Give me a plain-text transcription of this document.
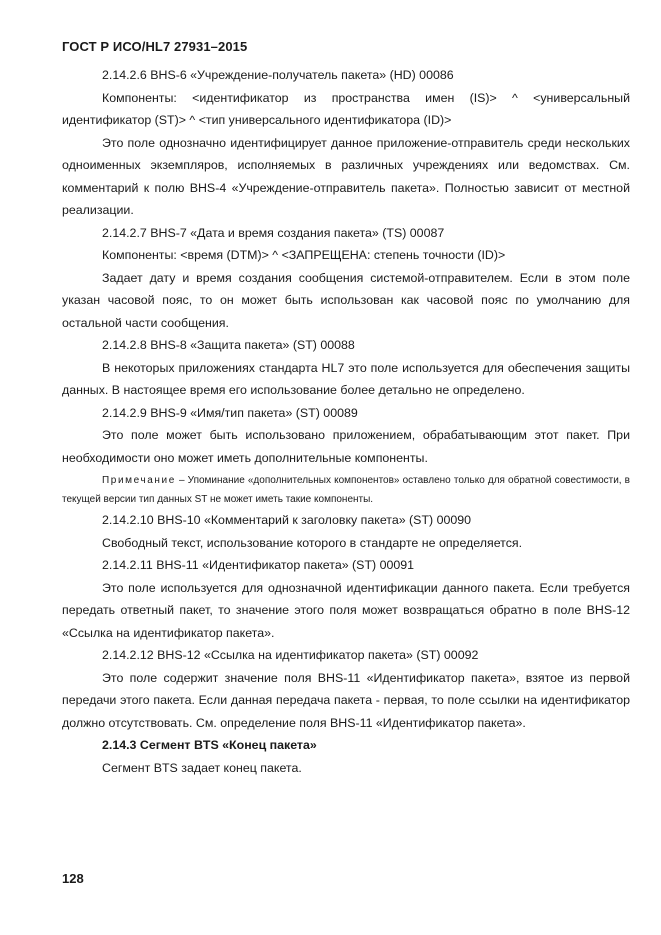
ГОСТ Р ИСО/HL7 27931–2015

2.14.2.6 BHS-6 «Учреждение-получатель пакета» (HD) 00086

Компоненты: <идентификатор из пространства имен (IS)> ^ <универсальный идентификатор (ST)> ^ <тип универсального идентификатора (ID)>

Это поле однозначно идентифицирует данное приложение-отправитель среди нескольких одноименных экземпляров, исполняемых в различных учреждениях или ведомствах. См. комментарий к полю BHS-4 «Учреждение-отправитель пакета». Полностью зависит от местной реализации.

2.14.2.7 BHS-7 «Дата и время создания пакета» (TS) 00087

Компоненты: <время (DTM)> ^ <ЗАПРЕЩЕНА: степень точности (ID)>

Задает дату и время создания сообщения системой-отправителем. Если в этом поле указан часовой пояс, то он может быть использован как часовой пояс по умолчанию для остальной части сообщения.

2.14.2.8 BHS-8 «Защита пакета» (ST) 00088

В некоторых приложениях стандарта HL7 это поле используется для обеспечения защиты данных. В настоящее время его использование более детально не определено.

2.14.2.9 BHS-9 «Имя/тип пакета» (ST) 00089

Это поле может быть использовано приложением, обрабатывающим этот пакет. При необходимости оно может иметь дополнительные компоненты.

Примечание – Упоминание «дополнительных компонентов» оставлено только для обратной совестимости, в текущей версии тип данных ST не может иметь такие компоненты.

2.14.2.10 BHS-10 «Комментарий к заголовку пакета» (ST) 00090

Свободный текст, использование которого в стандарте не определяется.

2.14.2.11 BHS-11 «Идентификатор пакета» (ST) 00091

Это поле используется для однозначной идентификации данного пакета. Если требуется передать ответный пакет, то значение этого поля может возвращаться обратно в поле BHS-12 «Ссылка на идентификатор пакета».

2.14.2.12 BHS-12 «Ссылка на идентификатор пакета» (ST) 00092

Это поле содержит значение поля BHS-11 «Идентификатор пакета», взятое из первой передачи этого пакета. Если данная передача пакета - первая, то поле ссылки на идентификатор должно отсутствовать. См. определение поля BHS-11 «Идентификатор пакета».

2.14.3 Сегмент BTS «Конец пакета»

Сегмент BTS задает конец пакета.

128
